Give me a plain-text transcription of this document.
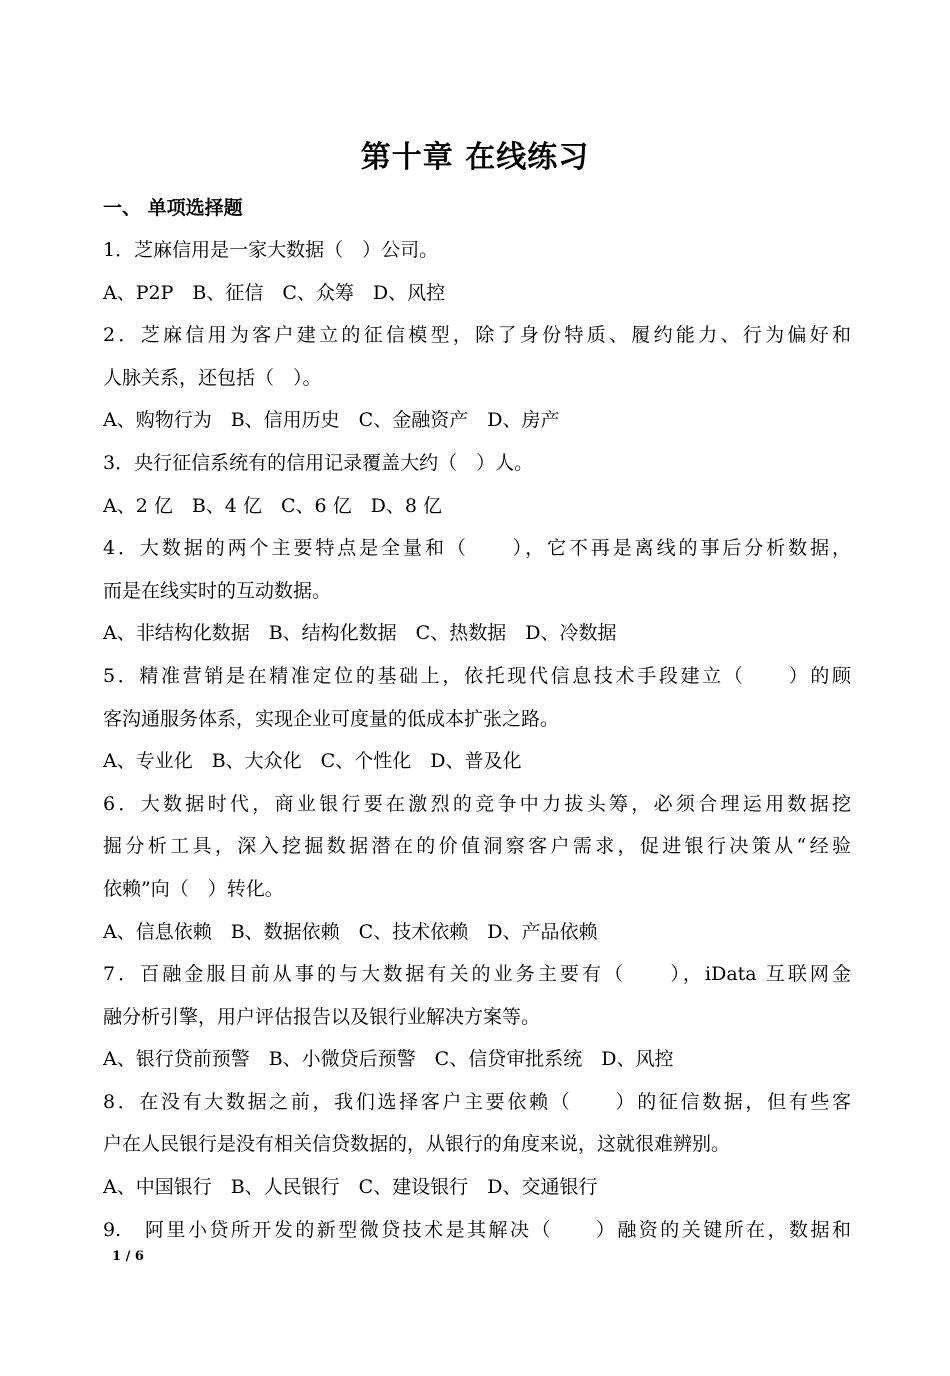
第十章 在线练习
一、 单项选择题
1．芝麻信用是一家大数据（　）公司。
A、P2P　B、征信　C、众筹　D、风控
2．芝麻信用为客户建立的征信模型，除了身份特质、履约能力、行为偏好和
人脉关系，还包括（　）。
A、购物行为　B、信用历史　C、金融资产　D、房产
3．央行征信系统有的信用记录覆盖大约（　）人。
A、2 亿　B、4 亿　C、6 亿　D、8 亿
4．大数据的两个主要特点是全量和（　　），它不再是离线的事后分析数据，
而是在线实时的互动数据。
A、非结构化数据　B、结构化数据　C、热数据　D、冷数据
5．精准营销是在精准定位的基础上，依托现代信息技术手段建立（　　）的顾
客沟通服务体系，实现企业可度量的低成本扩张之路。
A、专业化　B、大众化　C、个性化　D、普及化
6．大数据时代，商业银行要在激烈的竞争中力拔头筹，必须合理运用数据挖
掘分析工具，深入挖掘数据潜在的价值洞察客户需求，促进银行决策从“经验
依赖”向（　）转化。
A、信息依赖　B、数据依赖　C、技术依赖　D、产品依赖
7．百融金服目前从事的与大数据有关的业务主要有（　　），iData 互联网金
融分析引擎，用户评估报告以及银行业解决方案等。
A、银行贷前预警　B、小微贷后预警　C、信贷审批系统　D、风控
8．在没有大数据之前，我们选择客户主要依赖（　　）的征信数据，但有些客
户在人民银行是没有相关信贷数据的，从银行的角度来说，这就很难辨别。
A、中国银行　B、人民银行　C、建设银行　D、交通银行
9.　阿里小贷所开发的新型微贷技术是其解决（　　）融资的关键所在，数据和
1 / 6
